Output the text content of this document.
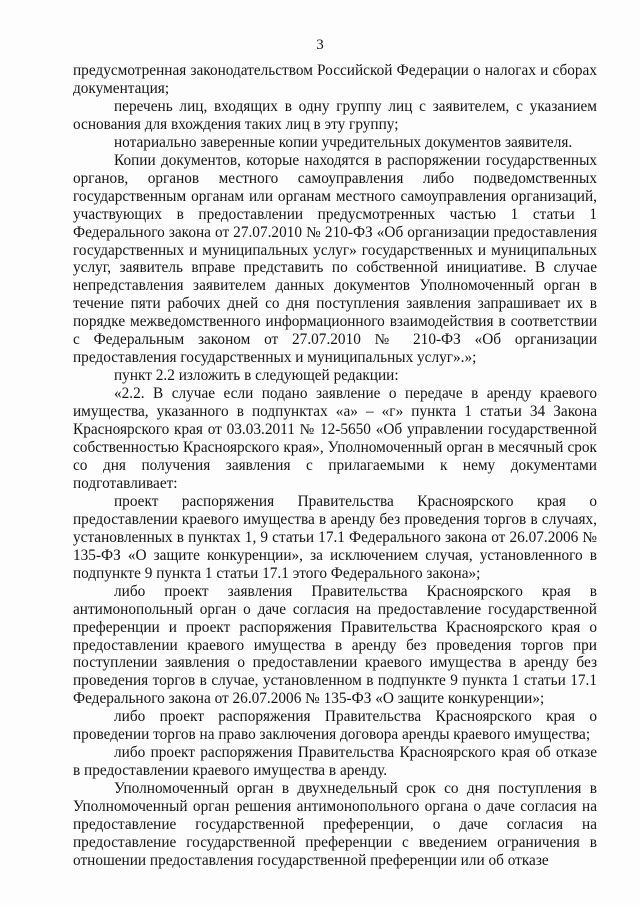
3

предусмотренная законодательством Российской Федерации о налогах и сборах документация;

перечень лиц, входящих в одну группу лиц с заявителем, с указанием основания для вхождения таких лиц в эту группу;

нотариально заверенные копии учредительных документов заявителя.

Копии документов, которые находятся в распоряжении государственных органов, органов местного самоуправления либо подведомственных государственным органам или органам местного самоуправления организаций, участвующих в предоставлении предусмотренных частью 1 статьи 1 Федерального закона от 27.07.2010 № 210-ФЗ «Об организации предоставления государственных и муниципальных услуг» государственных и муниципальных услуг, заявитель вправе представить по собственной инициативе. В случае непредставления заявителем данных документов Уполномоченный орган в течение пяти рабочих дней со дня поступления заявления запрашивает их в порядке межведомственного информационного взаимодействия в соответствии с Федеральным законом от 27.07.2010 № 210-ФЗ «Об организации предоставления государственных и муниципальных услуг».»;

пункт 2.2 изложить в следующей редакции:

«2.2. В случае если подано заявление о передаче в аренду краевого имущества, указанного в подпунктах «а» – «г» пункта 1 статьи 34 Закона Красноярского края от 03.03.2011 № 12-5650 «Об управлении государственной собственностью Красноярского края», Уполномоченный орган в месячный срок со дня получения заявления с прилагаемыми к нему документами подготавливает:

проект распоряжения Правительства Красноярского края о предоставлении краевого имущества в аренду без проведения торгов в случаях, установленных в пунктах 1, 9 статьи 17.1 Федерального закона от 26.07.2006 № 135-ФЗ «О защите конкуренции», за исключением случая, установленного в подпункте 9 пункта 1 статьи 17.1 этого Федерального закона»;

либо проект заявления Правительства Красноярского края в антимонопольный орган о даче согласия на предоставление государственной преференции и проект распоряжения Правительства Красноярского края о предоставлении краевого имущества в аренду без проведения торгов при поступлении заявления о предоставлении краевого имущества в аренду без проведения торгов в случае, установленном в подпункте 9 пункта 1 статьи 17.1 Федерального закона от 26.07.2006 № 135-ФЗ «О защите конкуренции»;

либо проект распоряжения Правительства Красноярского края о проведении торгов на право заключения договора аренды краевого имущества;

либо проект распоряжения Правительства Красноярского края об отказе в предоставлении краевого имущества в аренду.

Уполномоченный орган в двухнедельный срок со дня поступления в Уполномоченный орган решения антимонопольного органа о даче согласия на предоставление государственной преференции, о даче согласия на предоставление государственной преференции с введением ограничения в отношении предоставления государственной преференции или об отказе
